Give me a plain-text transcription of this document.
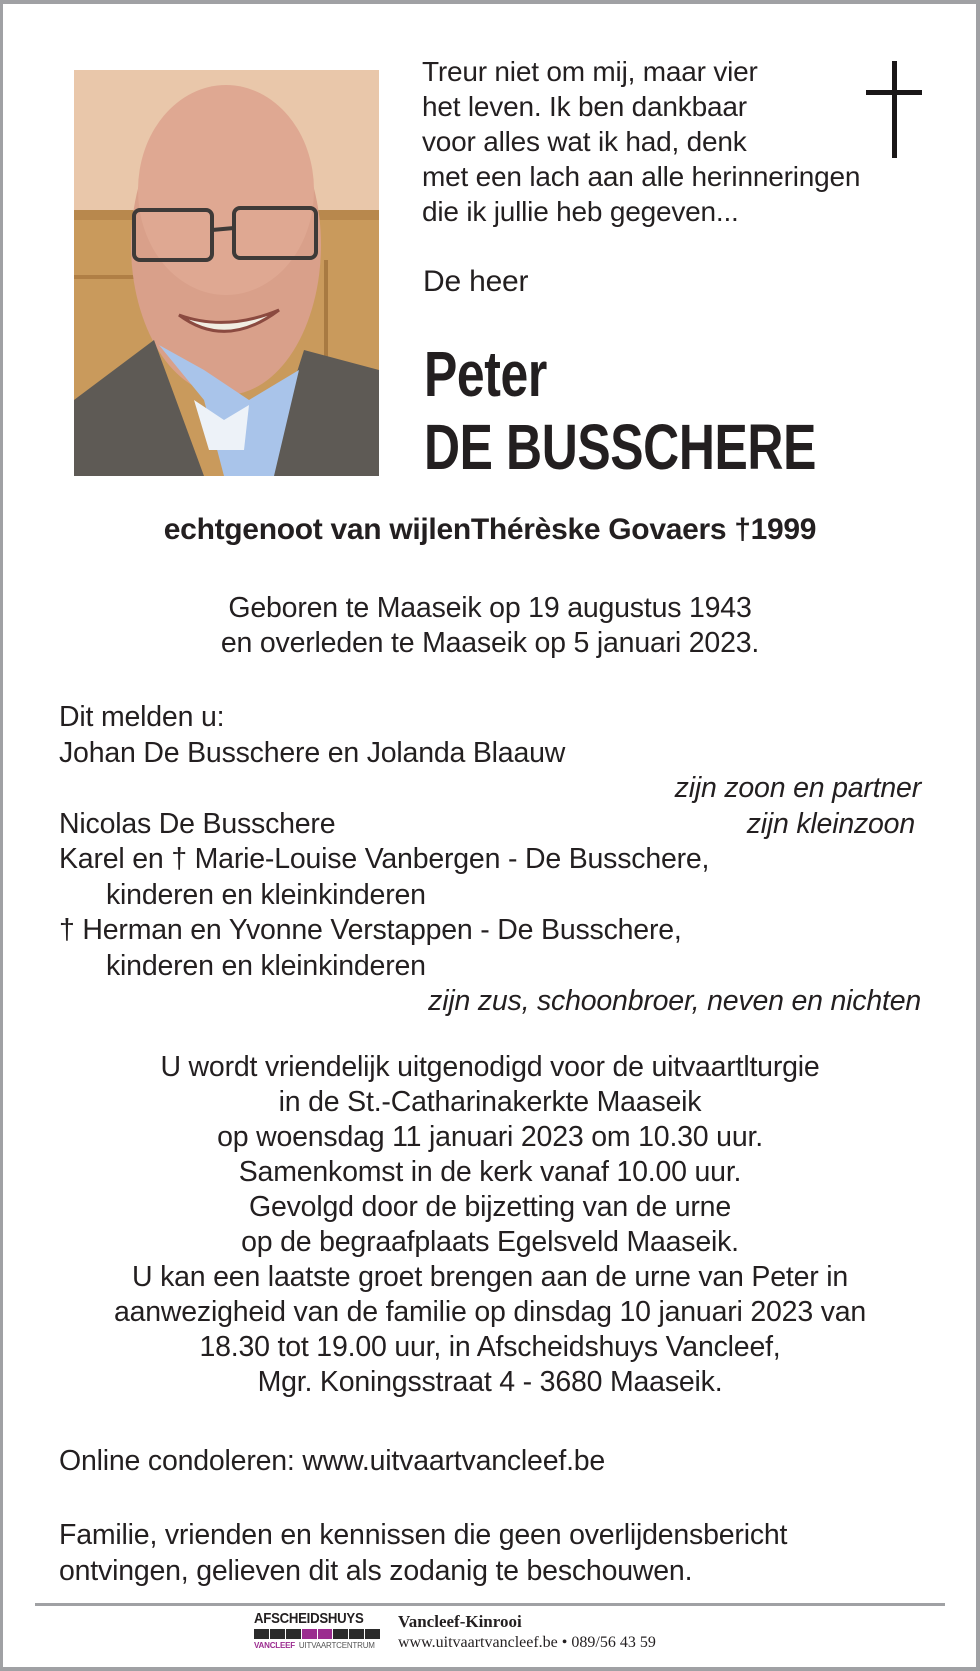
Treur niet om mij, maar vier
het leven. Ik ben dankbaar
voor alles wat ik had, denk
met een lach aan alle herinneringen
die ik jullie heb gegeven...
De heer
Peter
DE BUSSCHERE
echtgenoot van wijlenThérèske Govaers †1999
Geboren te Maaseik op 19 augustus 1943
en overleden te Maaseik op 5 januari 2023.
Dit melden u:
Johan De Busschere en Jolanda Blaauw
zijn zoon en partner
Nicolas De Busschere	zijn kleinzoon
Karel en † Marie-Louise Vanbergen - De Busschere,
kinderen en kleinkinderen
† Herman en Yvonne Verstappen - De Busschere,
kinderen en kleinkinderen
zijn zus, schoonbroer, neven en nichten
U wordt vriendelijk uitgenodigd voor de uitvaartlturgie
in de St.-Catharinakerkte Maaseik
op woensdag 11 januari 2023 om 10.30 uur.
Samenkomst in de kerk vanaf 10.00 uur.
Gevolgd door de bijzetting van de urne
op de begraafplaats Egelsveld Maaseik.
U kan een laatste groet brengen aan de urne van Peter in
aanwezigheid van de familie op dinsdag 10 januari 2023 van
18.30 tot 19.00 uur, in Afscheidshuys Vancleef,
Mgr. Koningsstraat 4 - 3680 Maaseik.
Online condoleren: www.uitvaartvancleef.be
Familie, vrienden en kennissen die geen overlijdensbericht
ontvingen, gelieven dit als zodanig te beschouwen.
AFSCHEIDSHUYS
VANCLEEF UITVAARTCENTRUM
Vancleef-Kinrooi
www.uitvaartvancleef.be • 089/56 43 59
